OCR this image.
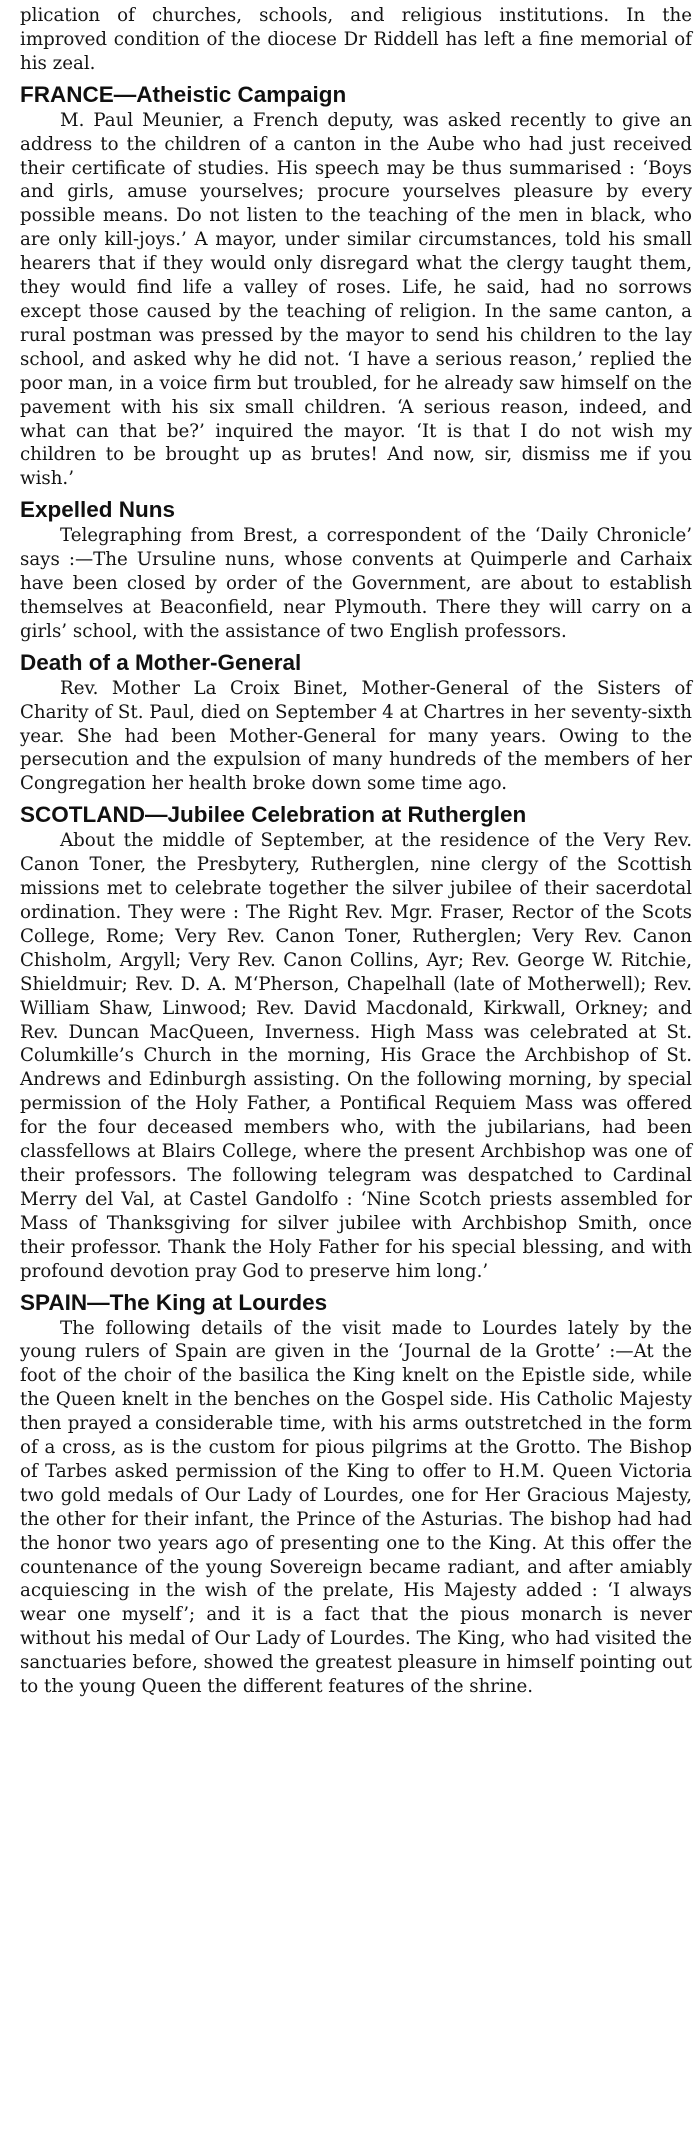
plication of churches, schools, and religious institutions. In the improved condition of the diocese Dr Riddell has left a fine memorial of his zeal.

FRANCE—Atheistic Campaign

M. Paul Meunier, a French deputy, was asked recently to give an address to the children of a canton in the Aube who had just received their certificate of studies. His speech may be thus summarised : ‘Boys and girls, amuse yourselves; procure yourselves pleasure by every possible means. Do not listen to the teaching of the men in black, who are only kill-joys.’ A mayor, under similar circumstances, told his small hearers that if they would only disregard what the clergy taught them, they would find life a valley of roses. Life, he said, had no sorrows except those caused by the teaching of religion. In the same canton, a rural postman was pressed by the mayor to send his children to the lay school, and asked why he did not. ‘I have a serious reason,’ replied the poor man, in a voice firm but troubled, for he already saw himself on the pavement with his six small children. ‘A serious reason, indeed, and what can that be?’ inquired the mayor. ‘It is that I do not wish my children to be brought up as brutes! And now, sir, dismiss me if you wish.’

Expelled Nuns

Telegraphing from Brest, a correspondent of the ‘Daily Chronicle’ says :—The Ursuline nuns, whose convents at Quimperle and Carhaix have been closed by order of the Government, are about to establish themselves at Beaconfield, near Plymouth. There they will carry on a girls’ school, with the assistance of two English professors.

Death of a Mother-General

Rev. Mother La Croix Binet, Mother-General of the Sisters of Charity of St. Paul, died on September 4 at Chartres in her seventy-sixth year. She had been Mother-General for many years. Owing to the persecution and the expulsion of many hundreds of the members of her Congregation her health broke down some time ago.

SCOTLAND—Jubilee Celebration at Rutherglen

About the middle of September, at the residence of the Very Rev. Canon Toner, the Presbytery, Rutherglen, nine clergy of the Scottish missions met to celebrate together the silver jubilee of their sacerdotal ordination. They were : The Right Rev. Mgr. Fraser, Rector of the Scots College, Rome; Very Rev. Canon Toner, Rutherglen; Very Rev. Canon Chisholm, Argyll; Very Rev. Canon Collins, Ayr; Rev. George W. Ritchie, Shieldmuir; Rev. D. A. M‘Pherson, Chapelhall (late of Motherwell); Rev. William Shaw, Linwood; Rev. David Macdonald, Kirkwall, Orkney; and Rev. Duncan MacQueen, Inverness. High Mass was celebrated at St. Columkille’s Church in the morning, His Grace the Archbishop of St. Andrews and Edinburgh assisting. On the following morning, by special permission of the Holy Father, a Pontifical Requiem Mass was offered for the four deceased members who, with the jubilarians, had been classfellows at Blairs College, where the present Archbishop was one of their professors. The following telegram was despatched to Cardinal Merry del Val, at Castel Gandolfo : ‘Nine Scotch priests assembled for Mass of Thanksgiving for silver jubilee with Archbishop Smith, once their professor. Thank the Holy Father for his special blessing, and with profound devotion pray God to preserve him long.’

SPAIN—The King at Lourdes

The following details of the visit made to Lourdes lately by the young rulers of Spain are given in the ‘Journal de la Grotte’ :—At the foot of the choir of the basilica the King knelt on the Epistle side, while the Queen knelt in the benches on the Gospel side. His Catholic Majesty then prayed a considerable time, with his arms outstretched in the form of a cross, as is the custom for pious pilgrims at the Grotto. The Bishop of Tarbes asked permission of the King to offer to H.M. Queen Victoria two gold medals of Our Lady of Lourdes, one for Her Gracious Majesty, the other for their infant, the Prince of the Asturias. The bishop had had the honor two years ago of presenting one to the King. At this offer the countenance of the young Sovereign became radiant, and after amiably acquiescing in the wish of the prelate, His Majesty added : ‘I always wear one myself’; and it is a fact that the pious monarch is never without his medal of Our Lady of Lourdes. The King, who had visited the sanctuaries before, showed the greatest pleasure in himself pointing out to the young Queen the different features of the shrine.
